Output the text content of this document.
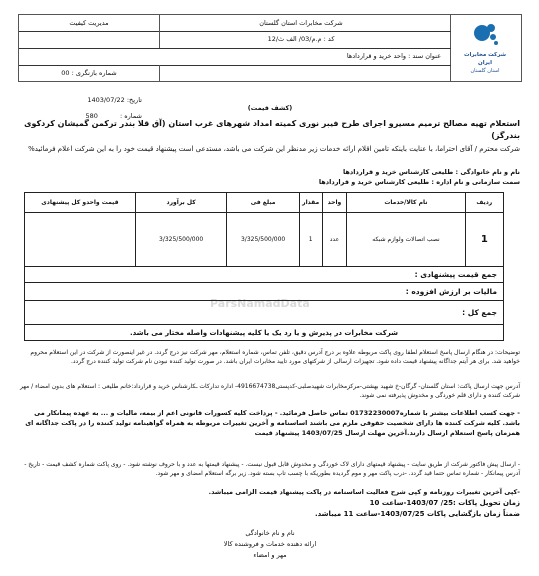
شرکت مخابرات ایران
استان گلستان
شرکت مخابرات استان گلستان
مدیریت کیفیت
کد : م.م/03/ الف ث/12
عنوان سند : واحد خرید و قراردادها
شماره بازنگری : 00
تاریخ: 1403/07/22
شماره : 580
(کشف قیمت)
استعلام تهیه مصالح ترمیم مسیرو اجرای طرح فیبر نوری کمیته امداد شهرهای غرب استان (آق قلا بندر ترکمن گمیشان کردکوی بندرگز)
شرکت محترم / آقای احتراما، با عنایت باینکه تامین اقلام ارائه خدمات زیر مدنظر این شرکت می باشد، مستدعی است پیشنهاد قیمت خود را به این شرکت اعلام فرمائید%
نام و نام خانوادگی : طلیعی کارشناس خرید و قراردادها
سمت سازمانی و نام اداره : طلیعی کارشناس خرید و قراردادها
ParsNamadData
ردیف	نام کالا/خدمات	واحد	مقدار	مبلغ فی	کل برآورد	قیمت واحدو کل پیشنهادی
1	نصب اتصالات ولوازم شبکه	عدد	1	3/325/500/000	3/325/500/000	
جمع قیمت پیشنهادی :						
مالیات بر ارزش افزوده :						
جمع کل :						
شرکت مخابرات در پذیرش و یا رد یک یا کلیه پیشنهادات واصله مختار می باشد.						
توضیحات: در هنگام ارسال پاسخ استعلام لطفا روی پاکت مربوطه علاوه بر درج آدرس دقیق، تلفن تماس، شماره استعلام، مهر شرکت نیز درج گردد. در غیر اینصورت از شرکت در این استعلام محروم خواهید شد. برای هر آیتم جداگانه پیشنهاد قیمت داده شود. تجهیزات ارسالی از شرکتهای مورد تایید مخابرات ایران باشد. در صورت تولید کننده نبودن نام شرکت تولید کننده درج گردد.
آدرس جهت ارسال پاکت: استان گلستان- گرگان-خ شهید بهشتی-مرکزمخابرات شهیدصلبی-کدپستی4916674738- اداره تدارکات ـکارشناس خرید و قرارداد:خانم طلیعی : استعلام های بدون امضاء / مهر شرکت کننده و دارای قلم خوردگی و مخدوش پذیرفته نمی شوند.
- جهت کسب اطلاعات بیشتر با شماره01732230007 تماس حاصل فرمائید. - پرداخت کلیه کسورات قانونی اعم از بیمه، مالیات و ... به عهده پیمانکار می باشد. کلیه شرکت کننده ها دارای شخصیت حقوقی ملزم می باشند اساسنامه و آخرین تغییرات مربوطه به همراه گواهینامه تولید کننده را در پاکت جداگانه ای همزمان پاسخ استعلام ارسال دارند.آخرین مهلت ارسال 1403/07/25 پیشنهاد قیمت
- ارسال پیش فاکتور شرکت از طریق سایت - پیشنهاد قیمتهای دارای لاک خوردگی و مخدوش قابل قبول نیست. - پیشنهاد قیمتها به عدد و با حروف نوشته شود. - روی پاکت شماره کشف قیمت - تاریخ - آدرس پیمانکار - شماره تماس حتما قید گردد. -درب پاکت مهر و موم گردیده بطوریکه با چسب تاپ بسته شود. زیر برگه استعلام امضای و مهر شود.
-کپی آخرین تغییرات روزنامه و کپی شرح فعالیت اساسنامه در پاکت پیشنهاد قیمت الزامی میباشد.
زمان تحویل پاکات :25/ 1403/07-ساعت 10
ضمناً زمان بازگشایی پاکات 1403/07/25-ساعت 11 میباشد.
نام و نام خانوادگی
ارائه دهنده خدمات و فروشنده کالا
مهر و امضاء
